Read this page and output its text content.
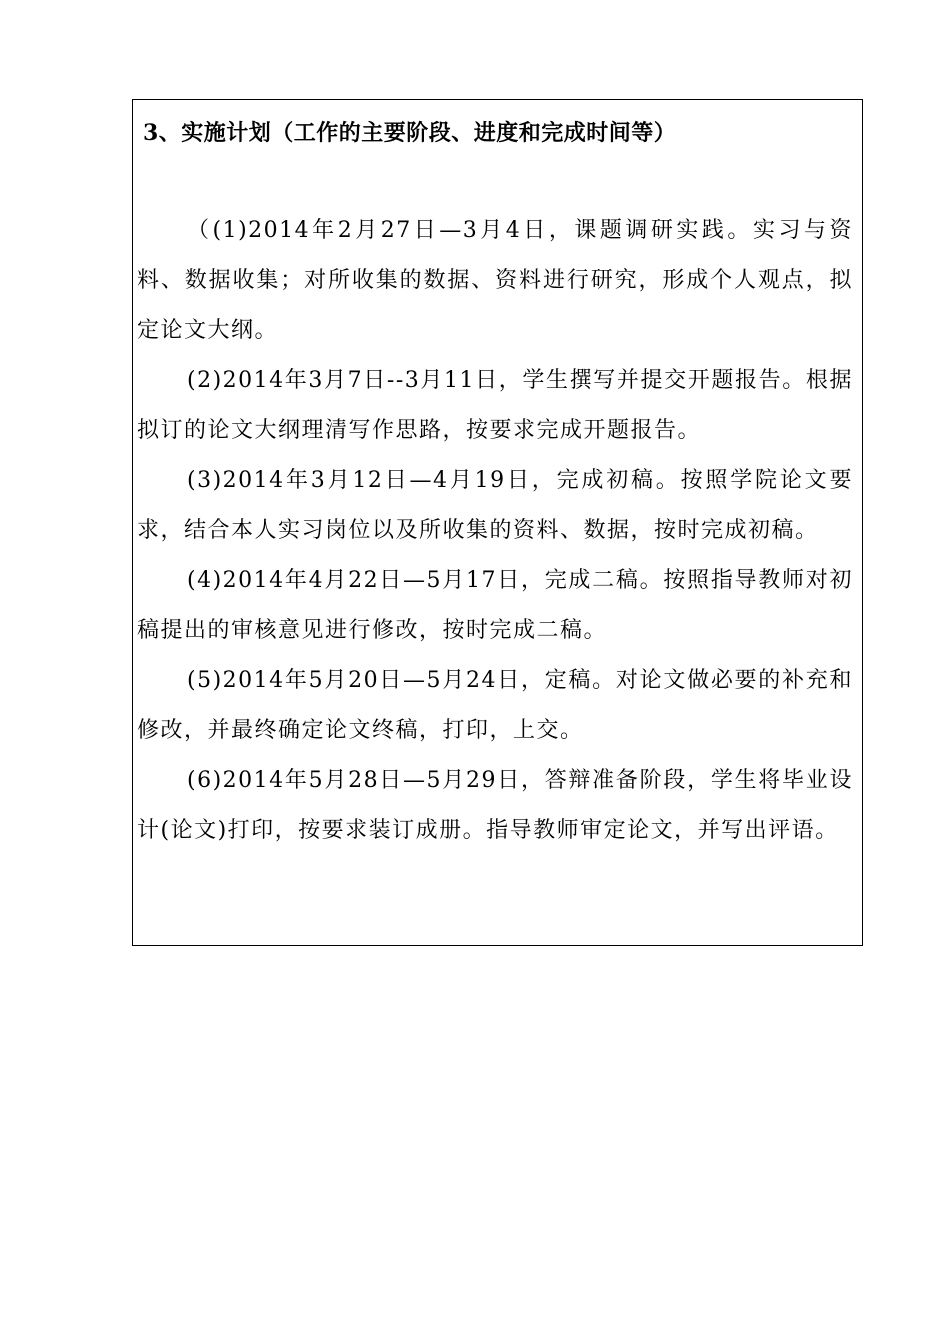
3、实施计划（工作的主要阶段、进度和完成时间等）

（(1)2014年2月27日—3月4日，课题调研实践。实习与资料、数据收集；对所收集的数据、资料进行研究，形成个人观点，拟定论文大纲。

(2)2014年3月7日--3月11日，学生撰写并提交开题报告。根据拟订的论文大纲理清写作思路，按要求完成开题报告。

(3)2014年3月12日—4月19日，完成初稿。按照学院论文要求，结合本人实习岗位以及所收集的资料、数据，按时完成初稿。

(4)2014年4月22日—5月17日，完成二稿。按照指导教师对初稿提出的审核意见进行修改，按时完成二稿。

(5)2014年5月20日—5月24日，定稿。对论文做必要的补充和修改，并最终确定论文终稿，打印，上交。

(6)2014年5月28日—5月29日，答辩准备阶段，学生将毕业设计(论文)打印，按要求装订成册。指导教师审定论文，并写出评语。
